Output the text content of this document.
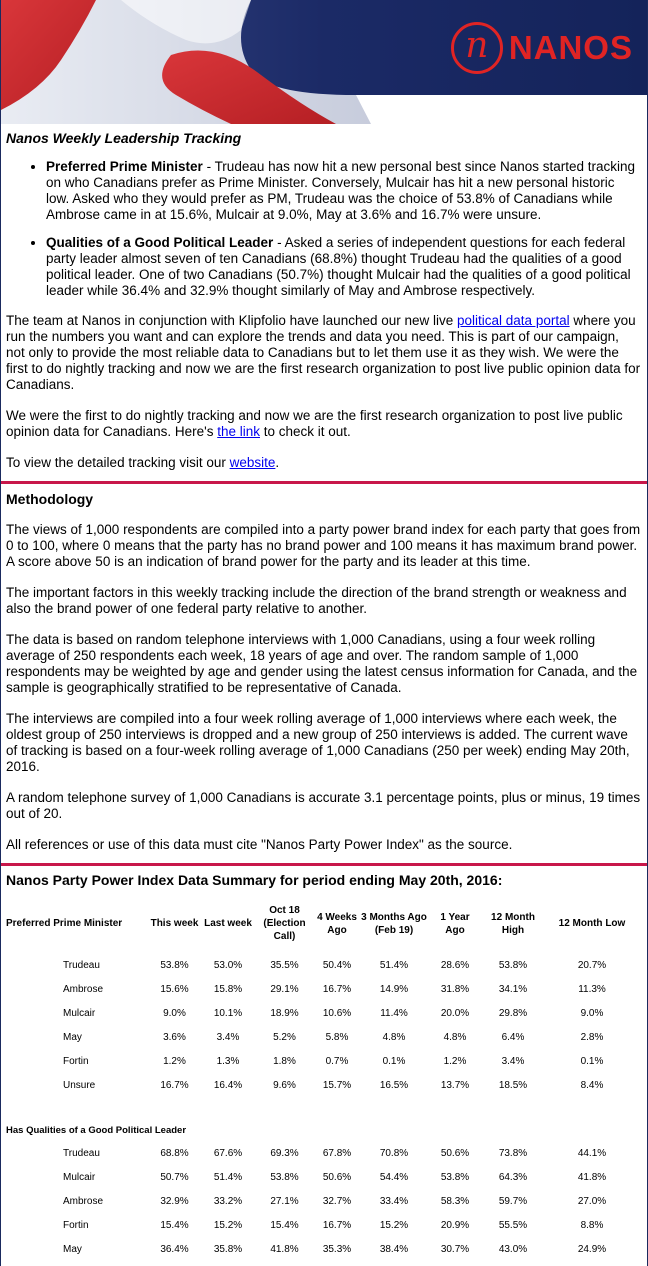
n NANOS

Nanos Weekly Leadership Tracking

• Preferred Prime Minister - Trudeau has now hit a new personal best since Nanos started tracking on who Canadians prefer as Prime Minister. Conversely, Mulcair has hit a new personal historic low. Asked who they would prefer as PM, Trudeau was the choice of 53.8% of Canadians while Ambrose came in at 15.6%, Mulcair at 9.0%, May at 3.6% and 16.7% were unsure.
• Qualities of a Good Political Leader - Asked a series of independent questions for each federal party leader almost seven of ten Canadians (68.8%) thought Trudeau had the qualities of a good political leader. One of two Canadians (50.7%) thought Mulcair had the qualities of a good political leader while 36.4% and 32.9% thought similarly of May and Ambrose respectively.

The team at Nanos in conjunction with Klipfolio have launched our new live political data portal where you run the numbers you want and can explore the trends and data you need. This is part of our campaign, not only to provide the most reliable data to Canadians but to let them use it as they wish. We were the first to do nightly tracking and now we are the first research organization to post live public opinion data for Canadians.

We were the first to do nightly tracking and now we are the first research organization to post live public opinion data for Canadians. Here's the link to check it out.

To view the detailed tracking visit our website.

Methodology

The views of 1,000 respondents are compiled into a party power brand index for each party that goes from 0 to 100, where 0 means that the party has no brand power and 100 means it has maximum brand power. A score above 50 is an indication of brand power for the party and its leader at this time.

The important factors in this weekly tracking include the direction of the brand strength or weakness and also the brand power of one federal party relative to another.

The data is based on random telephone interviews with 1,000 Canadians, using a four week rolling average of 250 respondents each week, 18 years of age and over. The random sample of 1,000 respondents may be weighted by age and gender using the latest census information for Canada, and the sample is geographically stratified to be representative of Canada.

The interviews are compiled into a four week rolling average of 1,000 interviews where each week, the oldest group of 250 interviews is dropped and a new group of 250 interviews is added. The current wave of tracking is based on a four-week rolling average of 1,000 Canadians (250 per week) ending May 20th, 2016.

A random telephone survey of 1,000 Canadians is accurate 3.1 percentage points, plus or minus, 19 times out of 20.

All references or use of this data must cite "Nanos Party Power Index" as the source.

Nanos Party Power Index Data Summary for period ending May 20th, 2016:

Preferred Prime Minister	This week	Last week	Oct 18 (Election Call)	4 Weeks Ago	3 Months Ago (Feb 19)	1 Year Ago	12 Month High	12 Month Low

Trudeau	53.8%	53.0%	35.5%	50.4%	51.4%	28.6%	53.8%	20.7%
Ambrose	15.6%	15.8%	29.1%	16.7%	14.9%	31.8%	34.1%	11.3%
Mulcair	9.0%	10.1%	18.9%	10.6%	11.4%	20.0%	29.8%	9.0%
May	3.6%	3.4%	5.2%	5.8%	4.8%	4.8%	6.4%	2.8%
Fortin	1.2%	1.3%	1.8%	0.7%	0.1%	1.2%	3.4%	0.1%
Unsure	16.7%	16.4%	9.6%	15.7%	16.5%	13.7%	18.5%	8.4%
Has Qualities of a Good Political Leader								
Trudeau	68.8%	67.6%	69.3%	67.8%	70.8%	50.6%	73.8%	44.1%
Mulcair	50.7%	51.4%	53.8%	50.6%	54.4%	53.8%	64.3%	41.8%
Ambrose	32.9%	33.2%	27.1%	32.7%	33.4%	58.3%	59.7%	27.0%
Fortin	15.4%	15.2%	15.4%	16.7%	15.2%	20.9%	55.5%	8.8%
May	36.4%	35.8%	41.8%	35.3%	38.4%	30.7%	43.0%	24.9%
